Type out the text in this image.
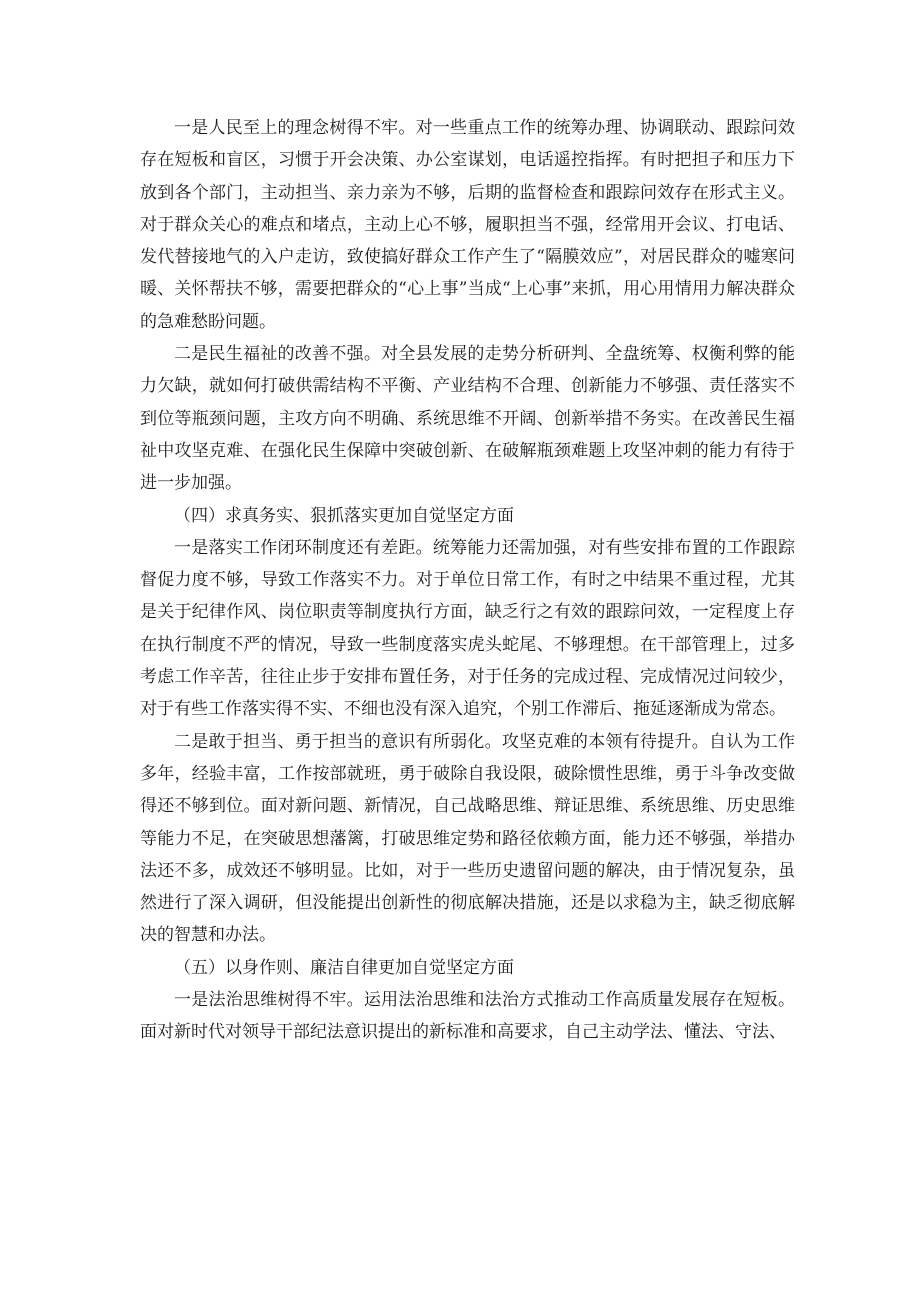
一是人民至上的理念树得不牢。对一些重点工作的统筹办理、协调联动、跟踪问效存在短板和盲区，习惯于开会决策、办公室谋划，电话遥控指挥。有时把担子和压力下放到各个部门，主动担当、亲力亲为不够，后期的监督检查和跟踪问效存在形式主义。对于群众关心的难点和堵点，主动上心不够，履职担当不强，经常用开会议、打电话、发代替接地气的入户走访，致使搞好群众工作产生了“隔膜效应”，对居民群众的嘘寒问暖、关怀帮扶不够，需要把群众的“心上事”当成“上心事”来抓，用心用情用力解决群众的急难愁盼问题。

二是民生福祉的改善不强。对全县发展的走势分析研判、全盘统筹、权衡利弊的能力欠缺，就如何打破供需结构不平衡、产业结构不合理、创新能力不够强、责任落实不到位等瓶颈问题，主攻方向不明确、系统思维不开阔、创新举措不务实。在改善民生福祉中攻坚克难、在强化民生保障中突破创新、在破解瓶颈难题上攻坚冲刺的能力有待于进一步加强。

（四）求真务实、狠抓落实更加自觉坚定方面

一是落实工作闭环制度还有差距。统筹能力还需加强，对有些安排布置的工作跟踪督促力度不够，导致工作落实不力。对于单位日常工作，有时之中结果不重过程，尤其是关于纪律作风、岗位职责等制度执行方面，缺乏行之有效的跟踪问效，一定程度上存在执行制度不严的情况，导致一些制度落实虎头蛇尾、不够理想。在干部管理上，过多考虑工作辛苦，往往止步于安排布置任务，对于任务的完成过程、完成情况过问较少，对于有些工作落实得不实、不细也没有深入追究，个别工作滞后、拖延逐渐成为常态。

二是敢于担当、勇于担当的意识有所弱化。攻坚克难的本领有待提升。自认为工作多年，经验丰富，工作按部就班，勇于破除自我设限，破除惯性思维，勇于斗争改变做得还不够到位。面对新问题、新情况，自己战略思维、辩证思维、系统思维、历史思维等能力不足，在突破思想藩篱，打破思维定势和路径依赖方面，能力还不够强，举措办法还不多，成效还不够明显。比如，对于一些历史遗留问题的解决，由于情况复杂，虽然进行了深入调研，但没能提出创新性的彻底解决措施，还是以求稳为主，缺乏彻底解决的智慧和办法。

（五）以身作则、廉洁自律更加自觉坚定方面

一是法治思维树得不牢。运用法治思维和法治方式推动工作高质量发展存在短板。面对新时代对领导干部纪法意识提出的新标准和高要求，自己主动学法、懂法、守法、
